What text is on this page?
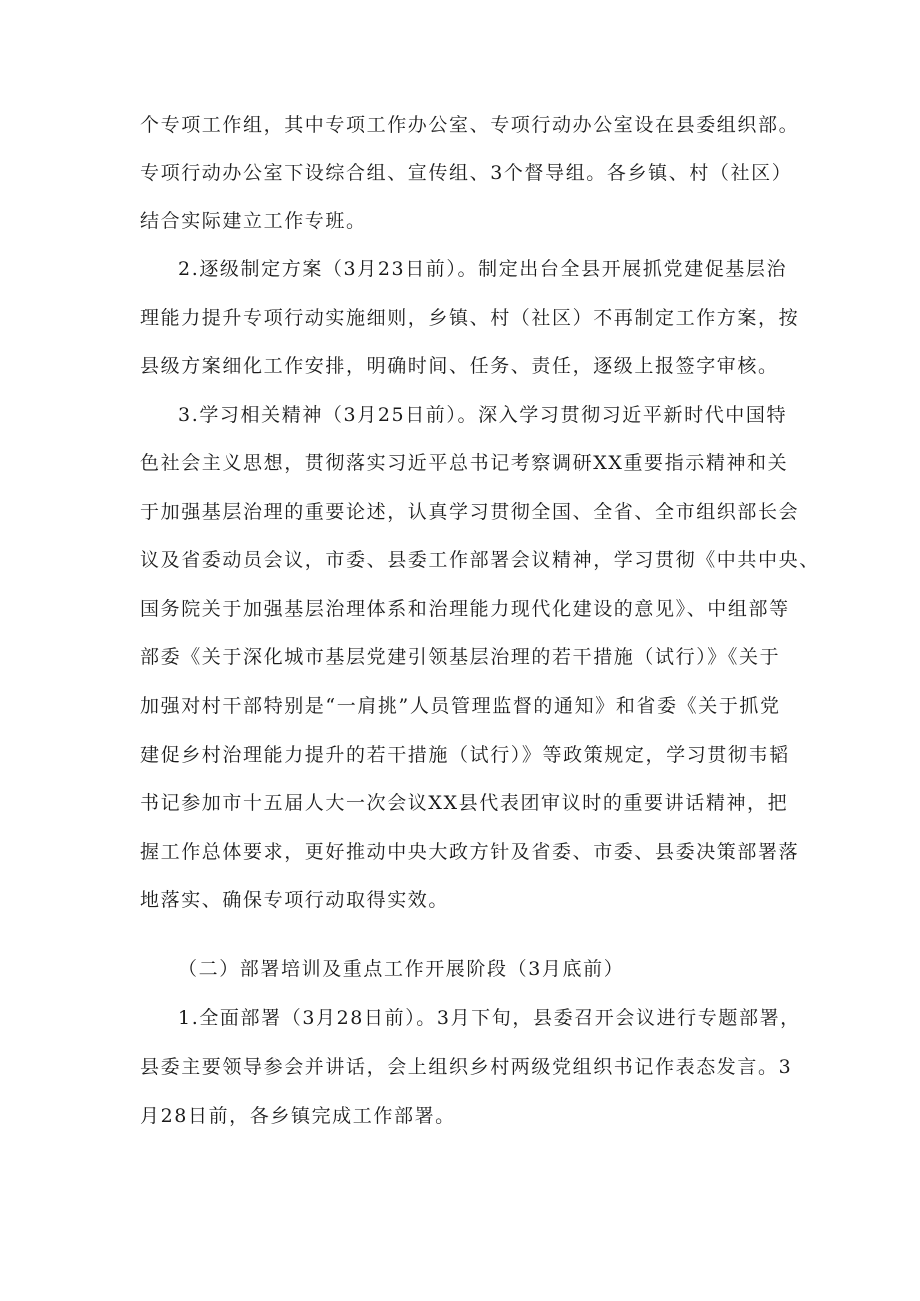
个专项工作组，其中专项工作办公室、专项行动办公室设在县委组织部。
专项行动办公室下设综合组、宣传组、3个督导组。各乡镇、村（社区）
结合实际建立工作专班。
2.逐级制定方案（3月23日前）。制定出台全县开展抓党建促基层治
理能力提升专项行动实施细则，乡镇、村（社区）不再制定工作方案，按
县级方案细化工作安排，明确时间、任务、责任，逐级上报签字审核。
3.学习相关精神（3月25日前）。深入学习贯彻习近平新时代中国特
色社会主义思想，贯彻落实习近平总书记考察调研XX重要指示精神和关
于加强基层治理的重要论述，认真学习贯彻全国、全省、全市组织部长会
议及省委动员会议，市委、县委工作部署会议精神，学习贯彻《中共中央、
国务院关于加强基层治理体系和治理能力现代化建设的意见》、中组部等
部委《关于深化城市基层党建引领基层治理的若干措施（试行）》《关于
加强对村干部特别是“一肩挑”人员管理监督的通知》和省委《关于抓党
建促乡村治理能力提升的若干措施（试行）》等政策规定，学习贯彻韦韬
书记参加市十五届人大一次会议XX县代表团审议时的重要讲话精神，把
握工作总体要求，更好推动中央大政方针及省委、市委、县委决策部署落
地落实、确保专项行动取得实效。
（二）部署培训及重点工作开展阶段（3月底前）
1.全面部署（3月28日前）。3月下旬，县委召开会议进行专题部署，
县委主要领导参会并讲话，会上组织乡村两级党组织书记作表态发言。3
月28日前，各乡镇完成工作部署。
